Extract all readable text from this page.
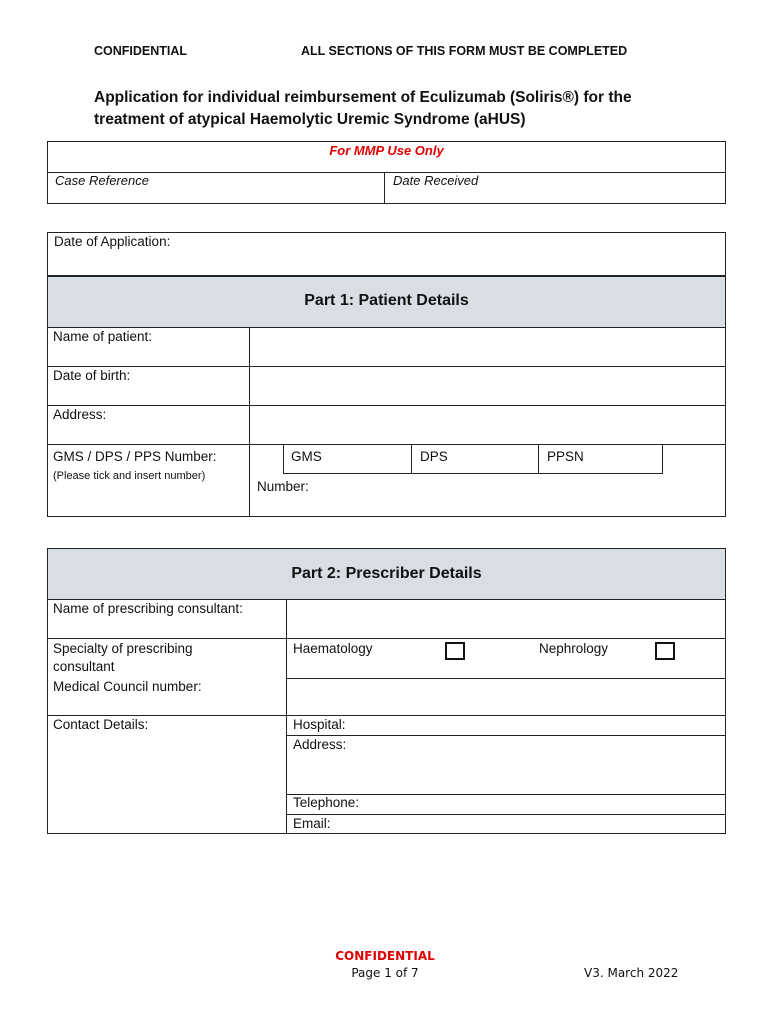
CONFIDENTIAL	ALL SECTIONS OF THIS FORM MUST BE COMPLETED
Application for individual reimbursement of Eculizumab (Soliris®) for the
treatment of atypical Haemolytic Uremic Syndrome (aHUS)
For MMP Use Only
Case Reference	Date Received
Date of Application:
Part 1: Patient Details
Name of patient:
Date of birth:
Address:
GMS / DPS / PPS Number:
(Please tick and insert number)
GMS	DPS	PPSN
Number:
Part 2: Prescriber Details
Name of prescribing consultant:
Specialty of prescribing
consultant
Haematology	Nephrology
Medical Council number:
Contact Details:	Hospital:
Address:
Telephone:
Email:
CONFIDENTIAL
Page 1 of 7	V3. March 2022
